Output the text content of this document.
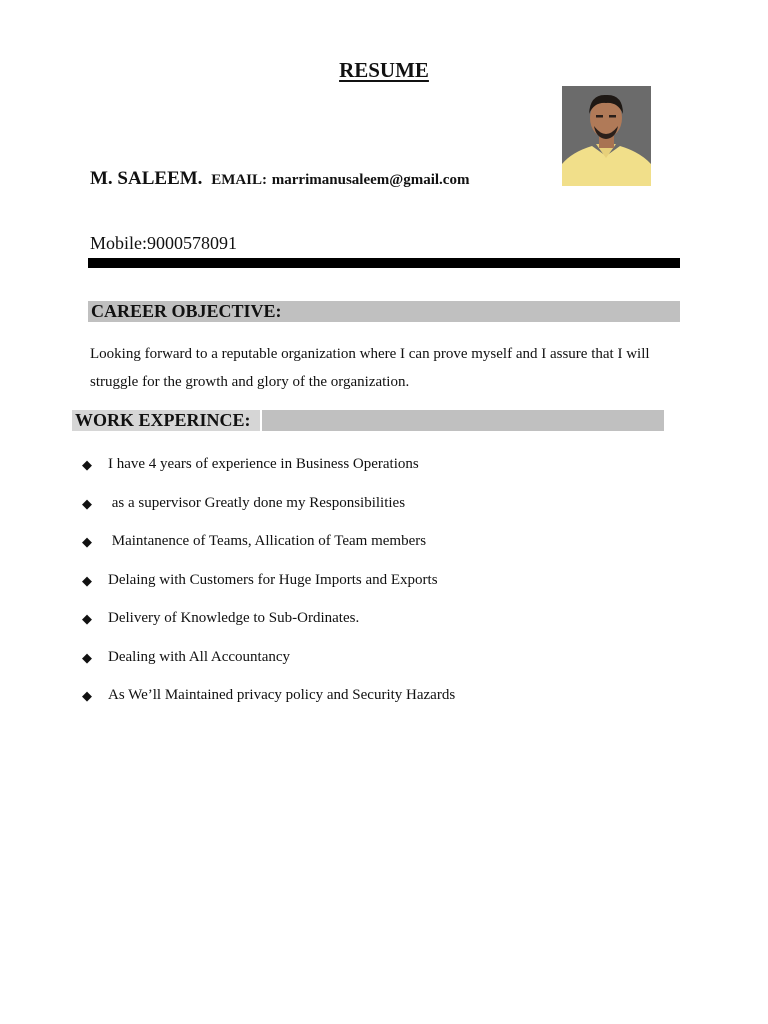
RESUME
M. SALEEM. EMAIL: marrimanusaleem@gmail.com
Mobile:9000578091
CAREER OBJECTIVE:
Looking forward to a reputable organization where I can prove myself and I assure that I will struggle for the growth and glory of the organization.
WORK EXPERINCE:
◆ I have 4 years of experience in Business Operations
◆ as a supervisor Greatly done my Responsibilities
◆ Maintanence of Teams, Allication of Team members
◆ Delaing with Customers for Huge Imports and Exports
◆ Delivery of Knowledge to Sub-Ordinates.
◆ Dealing with All Accountancy
◆ As We’ll Maintained privacy policy and Security Hazards
